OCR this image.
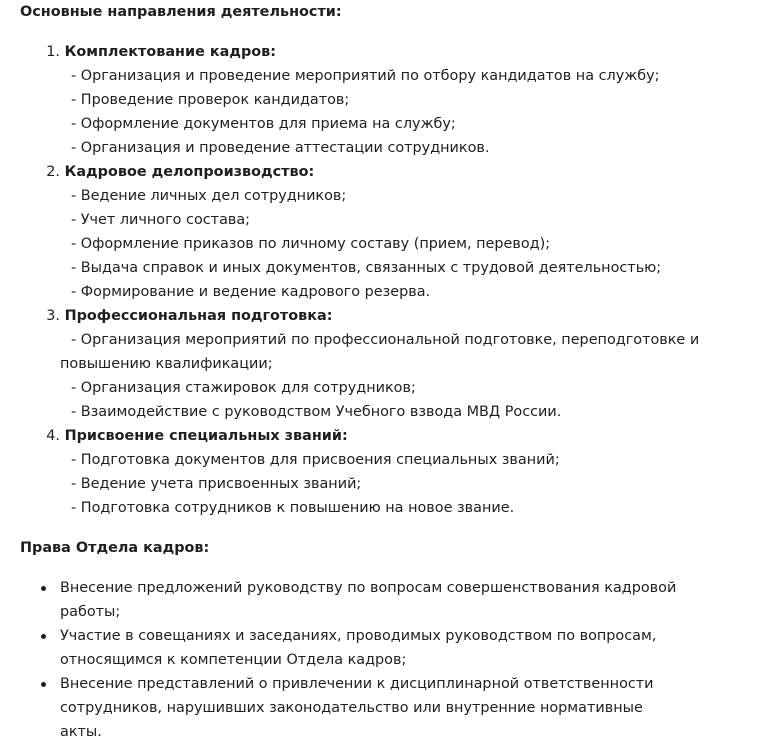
Основные направления деятельности:

1. Комплектование кадров:
- Организация и проведение мероприятий по отбору кандидатов на службу;
- Проведение проверок кандидатов;
- Оформление документов для приема на службу;
- Организация и проведение аттестации сотрудников.
2. Кадровое делопроизводство:
- Ведение личных дел сотрудников;
- Учет личного состава;
- Оформление приказов по личному составу (прием, перевод);
- Выдача справок и иных документов, связанных с трудовой деятельностью;
- Формирование и ведение кадрового резерва.
3. Профессиональная подготовка:
- Организация мероприятий по профессиональной подготовке, переподготовке и повышению квалификации;
- Организация стажировок для сотрудников;
- Взаимодействие с руководством Учебного взвода МВД России.
4. Присвоение специальных званий:
- Подготовка документов для присвоения специальных званий;
- Ведение учета присвоенных званий;
- Подготовка сотрудников к повышению на новое звание.

Права Отдела кадров:

Внесение предложений руководству по вопросам совершенствования кадровой работы;
Участие в совещаниях и заседаниях, проводимых руководством по вопросам, относящимся к компетенции Отдела кадров;
Внесение представлений о привлечении к дисциплинарной ответственности сотрудников, нарушивших законодательство или внутренние нормативные акты.
